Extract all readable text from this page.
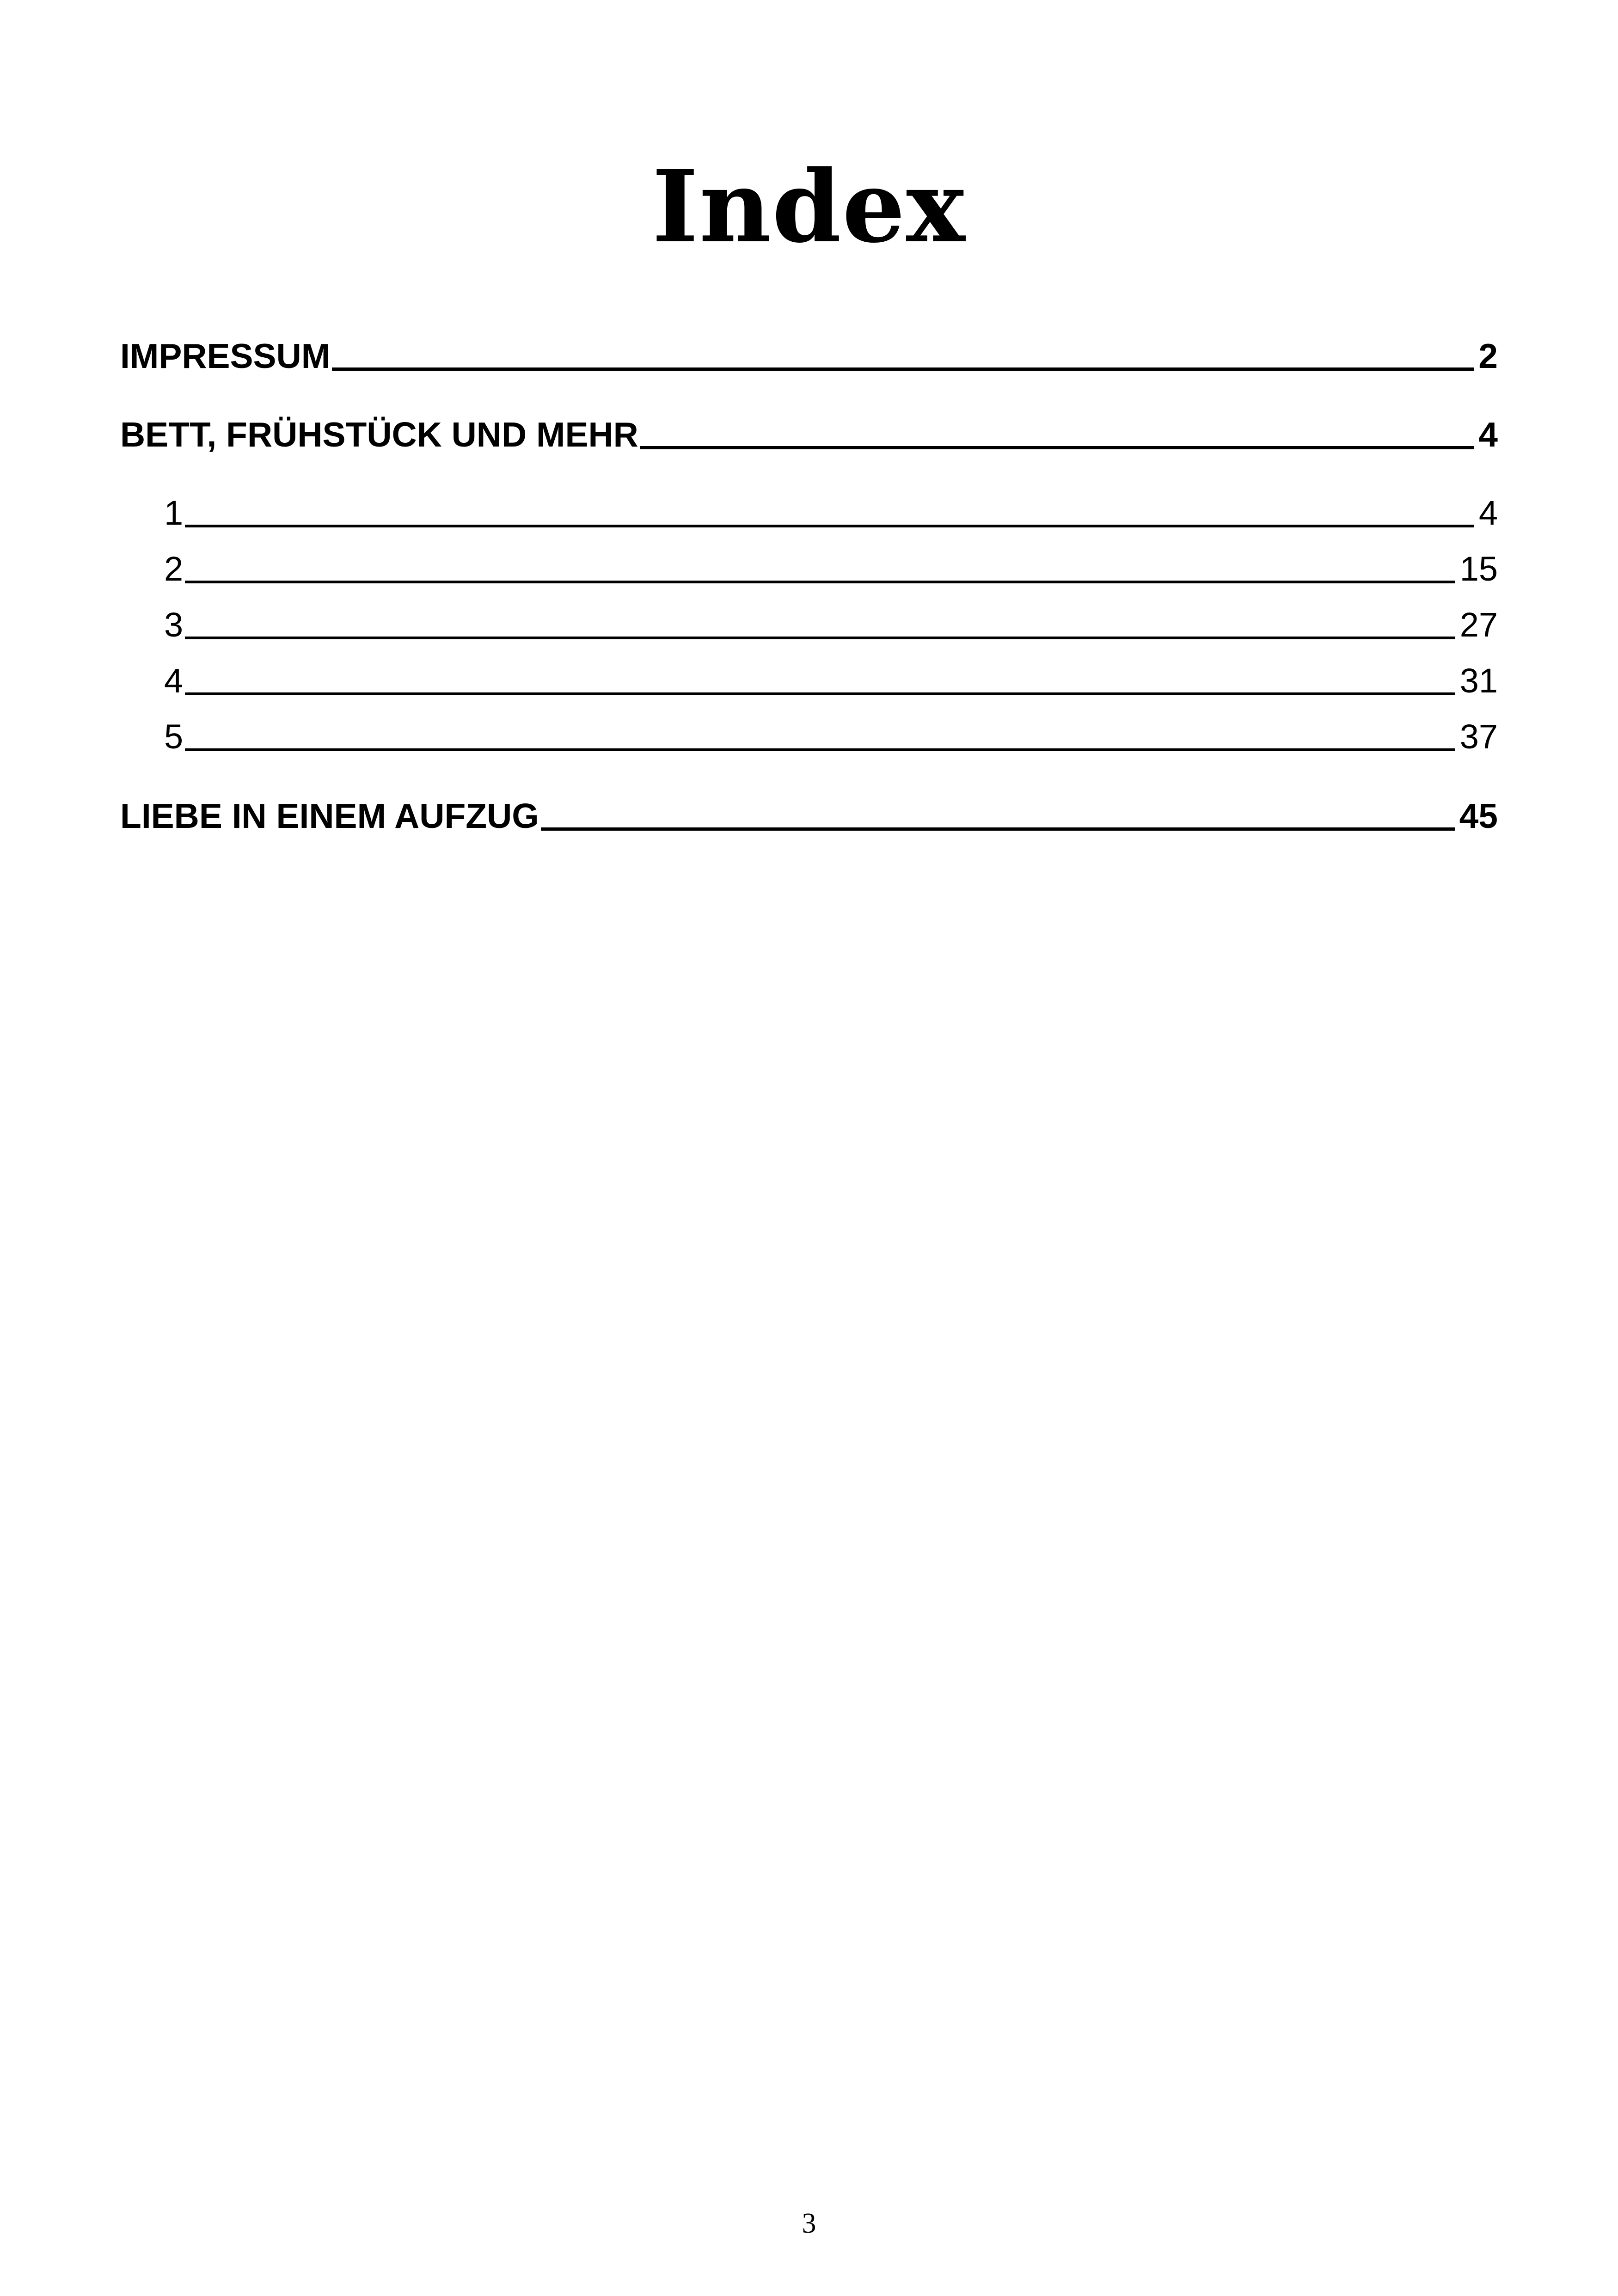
Index
IMPRESSUM	2
BETT, FRÜHSTÜCK UND MEHR	4
1	4
2	15
3	27
4	31
5	37
LIEBE IN EINEM AUFZUG	45
3
